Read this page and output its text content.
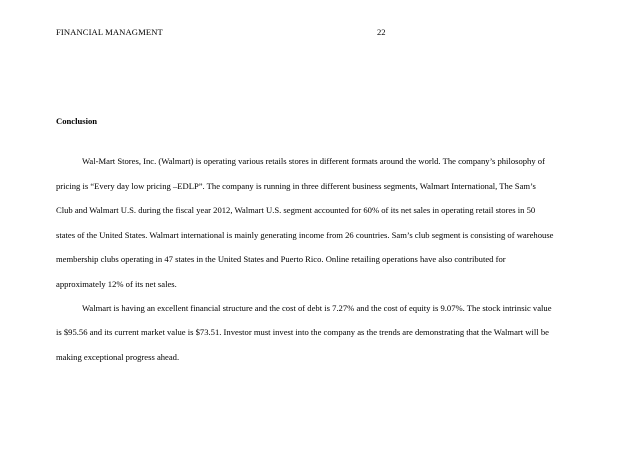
FINANCIAL MANAGMENT	22
Conclusion
Wal-Mart Stores, Inc. (Walmart) is operating various retails stores in different formats around the world. The company’s philosophy of
pricing is “Every day low pricing –EDLP”. The company is running in three different business segments, Walmart International, The Sam’s
Club and Walmart U.S. during the fiscal year 2012, Walmart U.S. segment accounted for 60% of its net sales in operating retail stores in 50
states of the United States. Walmart international is mainly generating income from 26 countries. Sam’s club segment is consisting of warehouse
membership clubs operating in 47 states in the United States and Puerto Rico. Online retailing operations have also contributed for
approximately 12% of its net sales.
Walmart is having an excellent financial structure and the cost of debt is 7.27% and the cost of equity is 9.07%. The stock intrinsic value
is $95.56 and its current market value is $73.51. Investor must invest into the company as the trends are demonstrating that the Walmart will be
making exceptional progress ahead.
